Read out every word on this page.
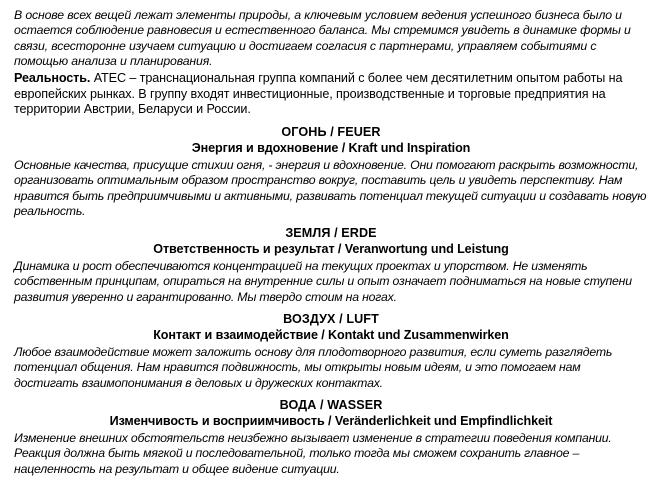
В основе всех вещей лежат элементы природы, а ключевым условием ведения успешного бизнеса было и остается соблюдение равновесия и естественного баланса. Мы стремимся увидеть в динамике формы и связи, всесторонне изучаем ситуацию и достигаем согласия с партнерами, управляем событиями с помощью анализа и планирования.

Реальность. ATEC – транснациональная группа компаний с более чем десятилетним опытом работы на европейских рынках. В группу входят инвестиционные, производственные и торговые предприятия на территории Австрии, Беларуси и России.

ОГОНЬ / FEUER
Энергия и вдохновение / Kraft und Inspiration

Основные качества, присущие стихии огня, - энергия и вдохновение. Они помогают раскрыть возможности, организовать оптимальным образом пространство вокруг, поставить цель и увидеть перспективу. Нам нравится быть предприимчивыми и активными, развивать потенциал текущей ситуации и создавать новую реальность.

ЗЕМЛЯ / ERDE
Ответственность и результат / Veranwortung und Leistung

Динамика и рост обеспечиваются концентрацией на текущих проектах и упорством. Не изменять собственным принципам, опираться на внутренние силы и опыт означает подниматься на новые ступени развития уверенно и гарантированно. Мы твердо стоим на ногах.

ВОЗДУХ / LUFT
Контакт и взаимодействие / Kontakt und Zusammenwirken

Любое взаимодействие может заложить основу для плодотворного развития, если суметь разглядеть потенциал общения. Нам нравится подвижность, мы открыты новым идеям, и это помогаем нам достигать взаимопонимания в деловых и дружеских контактах.

ВОДА / WASSER
Изменчивость и восприимчивость / Veränderlichkeit und Empfindlichkeit

Изменение внешних обстоятельств неизбежно вызывает изменение в стратегии поведения компании. Реакция должна быть мягкой и последовательной, только тогда мы сможем сохранить главное – нацеленность на результат и общее видение ситуации.
